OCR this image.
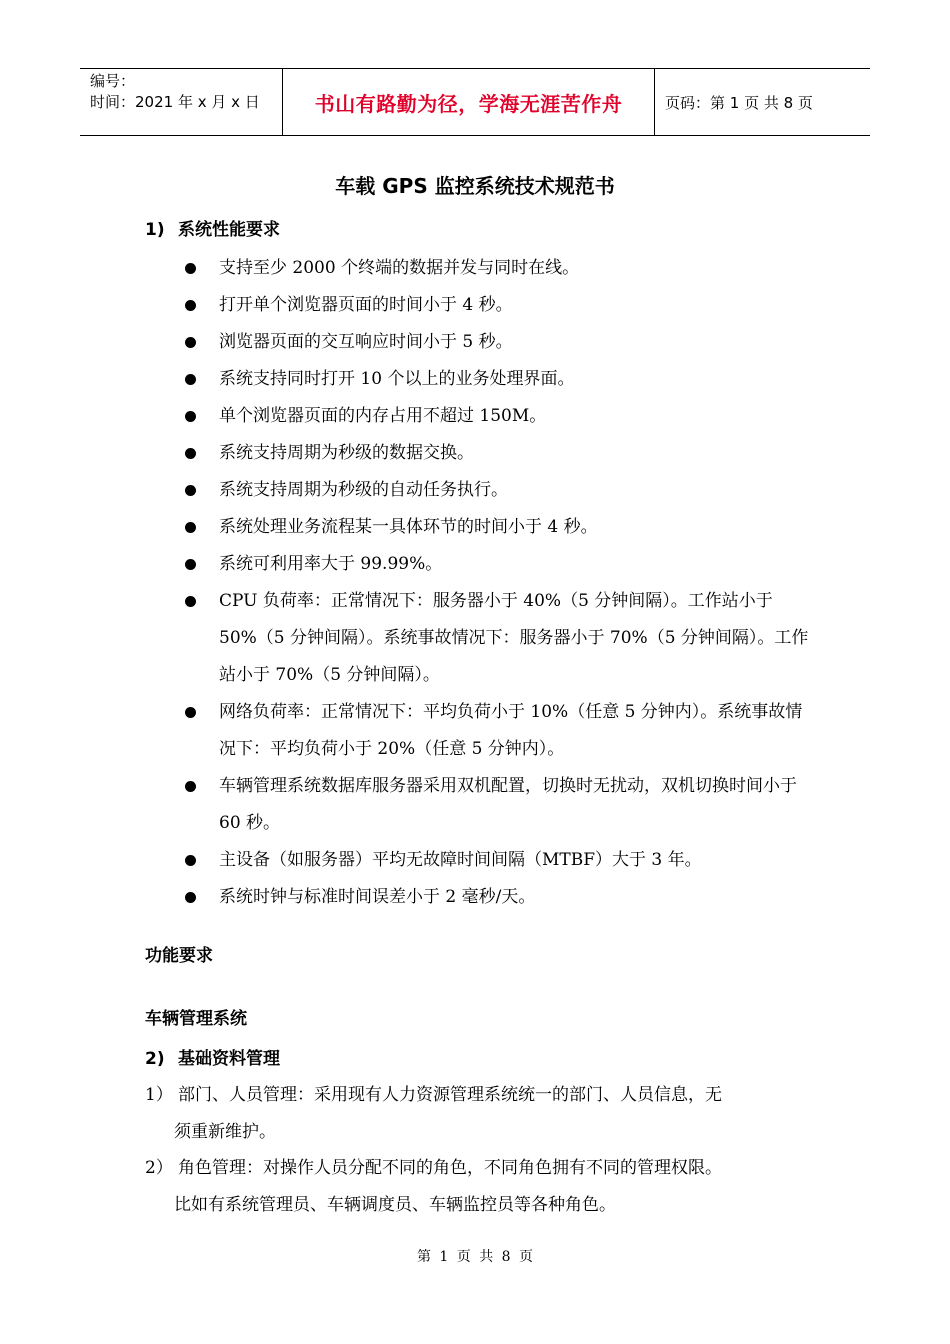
编号：
时间：2021 年 x 月 x 日	书山有路勤为径，学海无涯苦作舟	页码：第 1 页 共 8 页
车载 GPS 监控系统技术规范书
1) 系统性能要求
支持至少 2000 个终端的数据并发与同时在线。
打开单个浏览器页面的时间小于 4 秒。
浏览器页面的交互响应时间小于 5 秒。
系统支持同时打开 10 个以上的业务处理界面。
单个浏览器页面的内存占用不超过 150M。
系统支持周期为秒级的数据交换。
系统支持周期为秒级的自动任务执行。
系统处理业务流程某一具体环节的时间小于 4 秒。
系统可利用率大于 99.99%。
CPU 负荷率：正常情况下：服务器小于 40%（5 分钟间隔）。工作站小于 50%（5 分钟间隔）。系统事故情况下：服务器小于 70%（5 分钟间隔）。工作站小于 70%（5 分钟间隔）。
网络负荷率：正常情况下：平均负荷小于 10%（任意 5 分钟内）。系统事故情况下：平均负荷小于 20%（任意 5 分钟内）。
车辆管理系统数据库服务器采用双机配置，切换时无扰动，双机切换时间小于 60 秒。
主设备（如服务器）平均无故障时间间隔（MTBF）大于 3 年。
系统时钟与标准时间误差小于 2 毫秒/天。
功能要求
车辆管理系统
2) 基础资料管理
1） 部门、人员管理：采用现有人力资源管理系统统一的部门、人员信息，无
须重新维护。
2） 角色管理：对操作人员分配不同的角色，不同角色拥有不同的管理权限。
比如有系统管理员、车辆调度员、车辆监控员等各种角色。
第 1 页 共 8 页
